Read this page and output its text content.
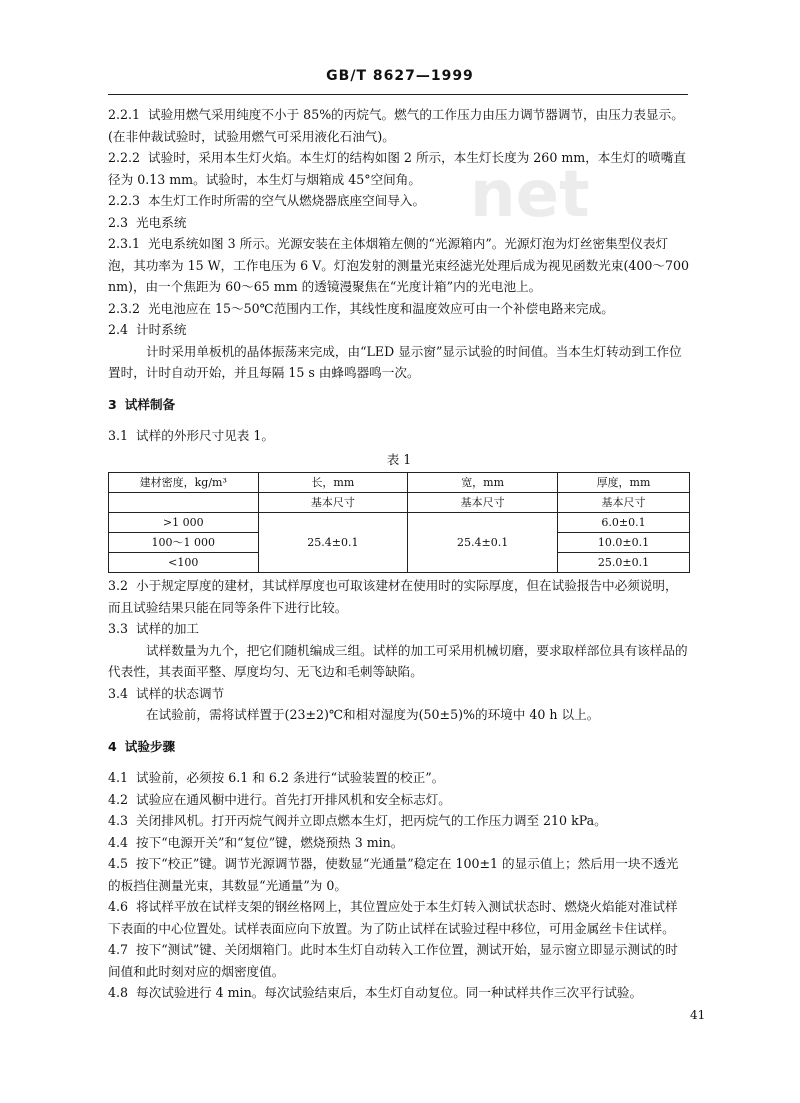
GB/T 8627—1999
net

2.2.1 试验用燃气采用纯度不小于 85%的丙烷气。燃气的工作压力由压力调节器调节，由压力表显示。(在非仲裁试验时，试验用燃气可采用液化石油气)。

2.2.2 试验时，采用本生灯火焰。本生灯的结构如图 2 所示，本生灯长度为 260 mm，本生灯的喷嘴直径为 0.13 mm。试验时，本生灯与烟箱成 45°空间角。

2.2.3 本生灯工作时所需的空气从燃烧器底座空间导入。

2.3 光电系统

2.3.1 光电系统如图 3 所示。光源安装在主体烟箱左侧的“光源箱内”。光源灯泡为灯丝密集型仪表灯泡，其功率为 15 W，工作电压为 6 V。灯泡发射的测量光束经滤光处理后成为视见函数光束(400～700 nm)，由一个焦距为 60～65 mm 的透镜漫聚焦在“光度计箱”内的光电池上。

2.3.2 光电池应在 15～50℃范围内工作，其线性度和温度效应可由一个补偿电路来完成。

2.4 计时系统

计时采用单板机的晶体振荡来完成，由“LED 显示窗”显示试验的时间值。当本生灯转动到工作位置时，计时自动开始，并且每隔 15 s 由蜂鸣器鸣一次。

3 试样制备

3.1 试样的外形尺寸见表 1。

表 1
建材密度，kg/m³	长，mm	宽，mm	厚度，mm
	基本尺寸	基本尺寸	基本尺寸
>1 000	25.4±0.1	25.4±0.1	6.0±0.1
100～1 000			10.0±0.1
<100			25.0±0.1

3.2 小于规定厚度的建材，其试样厚度也可取该建材在使用时的实际厚度，但在试验报告中必须说明，而且试验结果只能在同等条件下进行比较。

3.3 试样的加工

试样数量为九个，把它们随机编成三组。试样的加工可采用机械切磨，要求取样部位具有该样品的代表性，其表面平整、厚度均匀、无飞边和毛刺等缺陷。

3.4 试样的状态调节

在试验前，需将试样置于(23±2)℃和相对湿度为(50±5)%的环境中 40 h 以上。

4 试验步骤

4.1 试验前，必须按 6.1 和 6.2 条进行“试验装置的校正”。

4.2 试验应在通风橱中进行。首先打开排风机和安全标志灯。

4.3 关闭排风机。打开丙烷气阀并立即点燃本生灯，把丙烷气的工作压力调至 210 kPa。

4.4 按下“电源开关”和“复位”键，燃烧预热 3 min。

4.5 按下“校正”键。调节光源调节器，使数显“光通量”稳定在 100±1 的显示值上；然后用一块不透光的板挡住测量光束，其数显“光通量”为 0。

4.6 将试样平放在试样支架的钢丝格网上，其位置应处于本生灯转入测试状态时、燃烧火焰能对准试样下表面的中心位置处。试样表面应向下放置。为了防止试样在试验过程中移位，可用金属丝卡住试样。

4.7 按下“测试”键、关闭烟箱门。此时本生灯自动转入工作位置，测试开始，显示窗立即显示测试的时间值和此时刻对应的烟密度值。

4.8 每次试验进行 4 min。每次试验结束后，本生灯自动复位。同一种试样共作三次平行试验。

41
